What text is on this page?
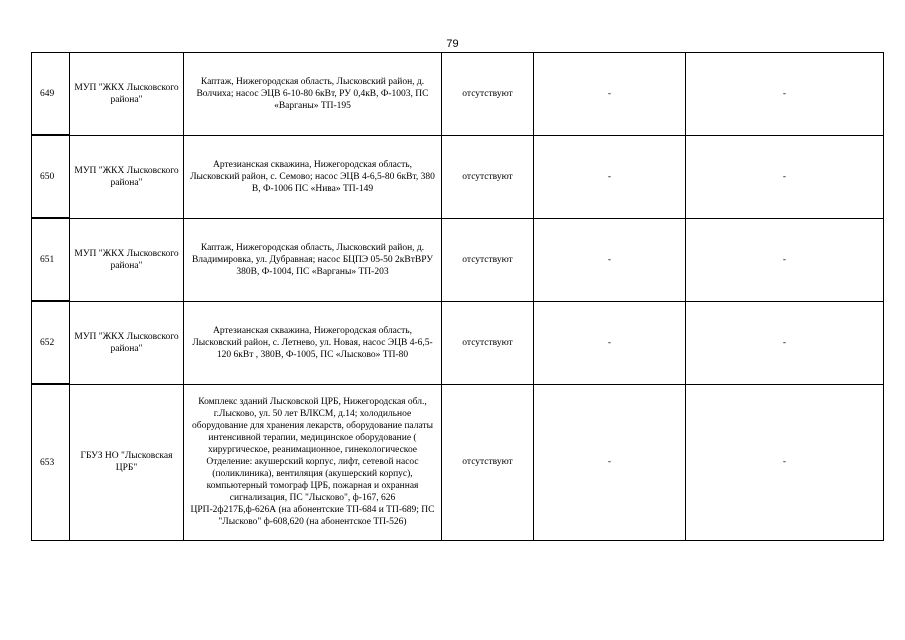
79
649	МУП "ЖКХ Лысковского района"	Каптаж, Нижегородская область, Лысковский район, д. Волчиха; насос ЭЦВ 6-10-80 6кВт, РУ 0,4кВ, Ф-1003, ПС «Варганы» ТП-195	отсутствуют	-	-
650	МУП "ЖКХ Лысковского района"	Артезианская скважина, Нижегородская область, Лысковский район, с. Семово; насос ЭЦВ 4-6,5-80 6кВт, 380 В, Ф-1006 ПС «Нива» ТП-149	отсутствуют	-	-
651	МУП "ЖКХ Лысковского района"	Каптаж, Нижегородская область, Лысковский район, д. Владимировка, ул. Дубравная; насос БЦПЭ 05-50 2кВтВРУ 380В, Ф-1004, ПС «Варганы» ТП-203	отсутствуют	-	-
652	МУП "ЖКХ Лысковского района"	Артезианская скважина, Нижегородская область, Лысковский район, с. Летнево, ул. Новая, насос ЭЦВ 4-6,5-120 6кВт , 380В, Ф-1005, ПС «Лысково» ТП-80	отсутствуют	-	-
653	ГБУЗ НО "Лысковская ЦРБ"	Комплекс зданий Лысковской ЦРБ, Нижегородская обл., г.Лысково, ул. 50 лет ВЛКСМ, д.14; холодильное оборудование для хранения лекарств, оборудование палаты интенсивной терапии, медицинское оборудование ( хирургическое, реанимационное, гинекологическое Отделение: акушерский корпус, лифт, сетевой насос (поликлиника), вентиляция (акушерский корпус), компьютерный томограф ЦРБ, пожарная и охранная сигнализация, ПС "Лысково", ф-167, 626 ЦРП-2ф217Б,ф-626А (на абонентские ТП-684 и ТП-689; ПС "Лысково" ф-608,620 (на абонентское ТП-526)	отсутствуют	-	-
